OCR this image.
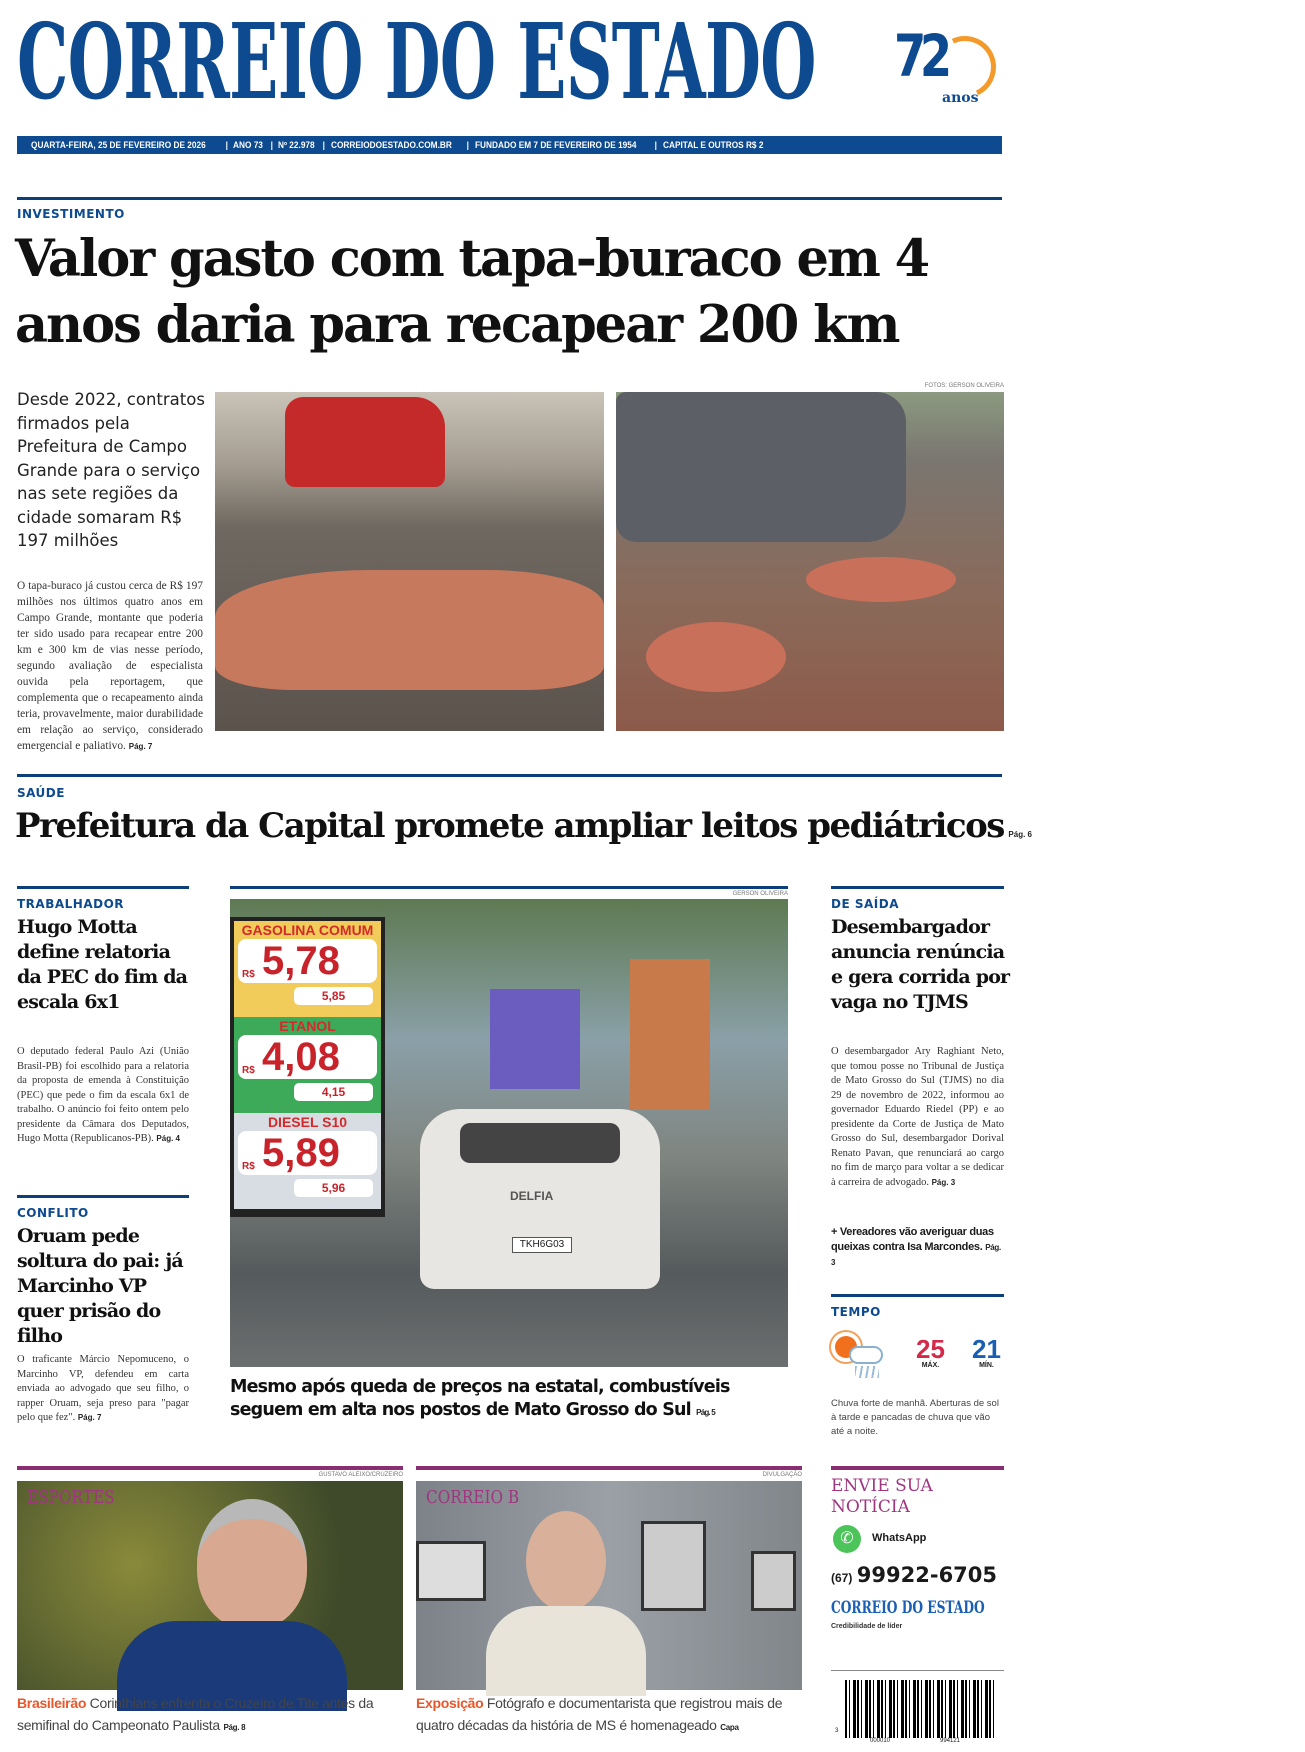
CORREIO DO ESTADO	72
anos
QUARTA-FEIRA, 25 DE FEVEREIRO DE 2026 | ANO 73 | Nº 22.978 | CORREIODOESTADO.COM.BR | FUNDADO EM 7 DE FEVEREIRO DE 1954 | CAPITAL E OUTROS R$ 2
INVESTIMENTO
Valor gasto com tapa-buraco em 4
anos daria para recapear 200 km
Desde 2022, contratos firmados pela Prefeitura de Campo Grande para o serviço nas sete regiões da cidade somaram R$ 197 milhões
O tapa-buraco já custou cerca de R$ 197 milhões nos últimos quatro anos em Campo Grande, montante que poderia ter sido usado para recapear entre 200 km e 300 km de vias nesse período, segundo avaliação de especialista ouvida pela reportagem, que complementa que o recapeamento ainda teria, provavelmente, maior durabilidade em relação ao serviço, considerado emergencial e paliativo. Pág. 7
FOTOS: GERSON OLIVEIRA
SAÚDE
Prefeitura da Capital promete ampliar leitos pediátricos Pág. 6
TRABALHADOR
Hugo Motta define relatoria da PEC do fim da escala 6x1
O deputado federal Paulo Azi (União Brasil-PB) foi escolhido para a relatoria da proposta de emenda à Constituição (PEC) que pede o fim da escala 6x1 de trabalho. O anúncio foi feito ontem pelo presidente da Câmara dos Deputados, Hugo Motta (Republicanos-PB). Pág. 4
CONFLITO
Oruam pede soltura do pai: já Marcinho VP quer prisão do filho
O traficante Márcio Nepomuceno, o Marcinho VP, defendeu em carta enviada ao advogado que seu filho, o rapper Oruam, seja preso para "pagar pelo que fez". Pág. 7
GERSON OLIVEIRA
DELFIA
TKH6G03
GASOLINA COMUM
R$ 5,78
5,85
ETANOL
R$ 4,08
4,15
DIESEL S10
R$ 5,89
5,96
Mesmo após queda de preços na estatal, combustíveis seguem em alta nos postos de Mato Grosso do Sul Pág. 5
DE SAÍDA
Desembargador anuncia renúncia e gera corrida por vaga no TJMS
O desembargador Ary Raghiant Neto, que tomou posse no Tribunal de Justiça de Mato Grosso do Sul (TJMS) no dia 29 de novembro de 2022, informou ao governador Eduardo Riedel (PP) e ao presidente da Corte de Justiça de Mato Grosso do Sul, desembargador Dorival Renato Pavan, que renunciará ao cargo no fim de março para voltar a se dedicar à carreira de advogado. Pág. 3
+ Vereadores vão averiguar duas queixas contra Isa Marcondes. Pág. 3
TEMPO
25
MÁX.
21
MÍN.
Chuva forte de manhã. Aberturas de sol à tarde e pancadas de chuva que vão até a noite.
GUSTAVO ALEIXO/CRUZEIRO
ESPORTES
Brasileirão Corinthians enfrenta o Cruzeiro de Tite antes da semifinal do Campeonato Paulista Pág. 8
DIVULGAÇÃO
CORREIO B
Exposição Fotógrafo e documentarista que registrou mais de quatro décadas da história de MS é homenageado Capa
ENVIE SUA
NOTÍCIA
✆	WhatsApp
(67) 99922-6705
CORREIO DO ESTADO
Credibilidade de líder
3
000010	994121
